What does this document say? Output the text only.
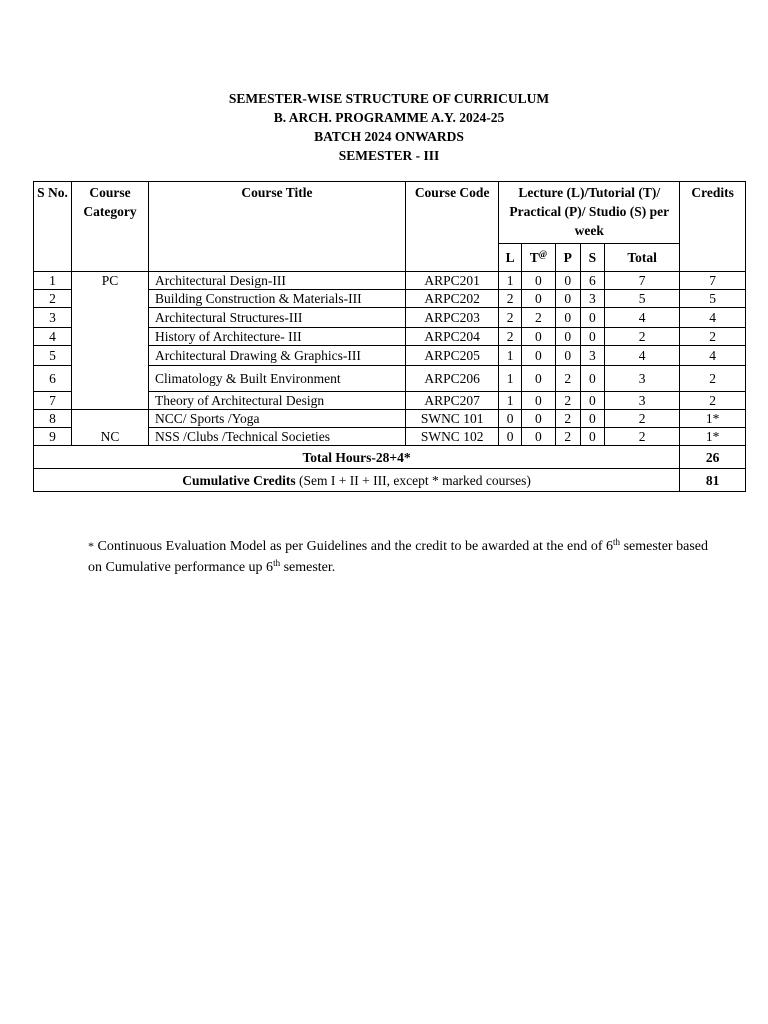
SEMESTER-WISE STRUCTURE OF CURRICULUM
B. ARCH. PROGRAMME A.Y. 2024-25
BATCH 2024 ONWARDS
SEMESTER - III
S No.	Course Category	Course Title	Course Code	Lecture (L)/Tutorial (T)/ Practical (P)/ Studio (S) per week					Credits
				L	T@	P	S	Total	
1	PC	Architectural Design-III	ARPC201	1	0	0	6	7	7
2		Building Construction & Materials-III	ARPC202	2	0	0	3	5	5
3		Architectural Structures-III	ARPC203	2	2	0	0	4	4
4		History of Architecture- III	ARPC204	2	0	0	0	2	2
5		Architectural Drawing & Graphics-III	ARPC205	1	0	0	3	4	4
6		Climatology & Built Environment	ARPC206	1	0	2	0	3	2
7		Theory of Architectural Design	ARPC207	1	0	2	0	3	2
8		NCC/ Sports /Yoga	SWNC 101	0	0	2	0	2	1*
9	NC	NSS /Clubs /Technical Societies	SWNC 102	0	0	2	0	2	1*
Total Hours-28+4*									26
Cumulative Credits (Sem I + II + III, except * marked courses)									81
* Continuous Evaluation Model as per Guidelines and the credit to be awarded at the end of 6th semester based on Cumulative performance up 6th semester.
